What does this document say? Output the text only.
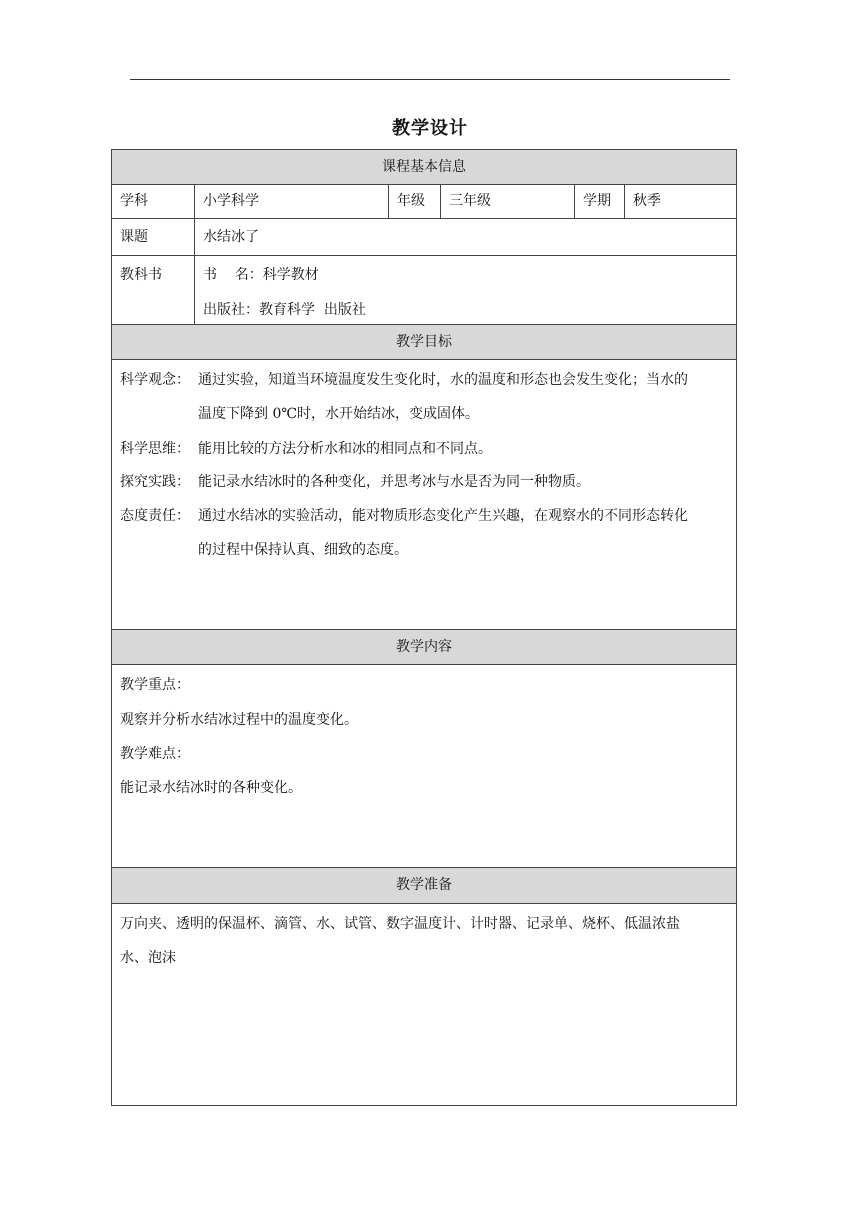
教学设计
课程基本信息
学科	小学科学	年级	三年级	学期	秋季
课题	水结冰了
教科书	书    名：科学教材
出版社：教育科学  出版社
教学目标
科学观念： 通过实验，知道当环境温度发生变化时，水的温度和形态也会发生变化；当水的
温度下降到 0℃时，水开始结冰，变成固体。
科学思维： 能用比较的方法分析水和冰的相同点和不同点。
探究实践： 能记录水结冰时的各种变化，并思考冰与水是否为同一种物质。
态度责任： 通过水结冰的实验活动，能对物质形态变化产生兴趣，在观察水的不同形态转化
的过程中保持认真、细致的态度。
教学内容
教学重点：
观察并分析水结冰过程中的温度变化。
教学难点：
能记录水结冰时的各种变化。
教学准备
万向夹、透明的保温杯、滴管、水、试管、数字温度计、计时器、记录单、烧杯、低温浓盐
水、泡沫
